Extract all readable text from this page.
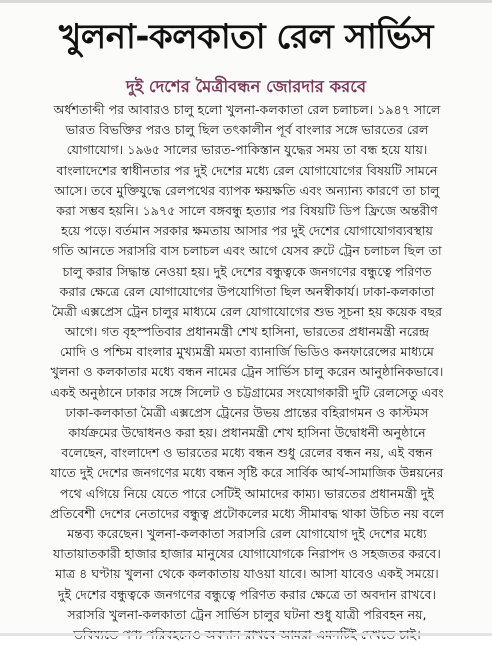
খুলনা-কলকাতা রেল সার্ভিস
দুই দেশের মৈত্রীবন্ধন জোরদার করবে
অর্ধশতাব্দী পর আবারও চালু হলো খুলনা-কলকাতা রেল চলাচল। ১৯৪৭ সালে
ভারত বিভক্তির পরও চালু ছিল তৎকালীন পূর্ব বাংলার সঙ্গে ভারতের রেল
যোগাযোগ। ১৯৬৫ সালের ভারত-পাকিস্তান যুদ্ধের সময় তা বন্ধ হয়ে যায়।
বাংলাদেশের স্বাধীনতার পর দুই দেশের মধ্যে রেল যোগাযোগের বিষয়টি সামনে
আসে। তবে মুক্তিযুদ্ধে রেলপথের ব্যাপক ক্ষয়ক্ষতি এবং অন্যান্য কারণে তা চালু
করা সম্ভব হয়নি। ১৯৭৫ সালে বঙ্গবন্ধু হত্যার পর বিষয়টি ডিপ ফ্রিজে অন্তরীণ
হয়ে পড়ে। বর্তমান সরকার ক্ষমতায় আসার পর দুই দেশের যোগাযোগব্যবস্থায়
গতি আনতে সরাসরি বাস চলাচল এবং আগে যেসব রুটে ট্রেন চলাচল ছিল তা
চালু করার সিদ্ধান্ত নেওয়া হয়। দুই দেশের বন্ধুত্বকে জনগণের বন্ধুত্বে পরিণত
করার ক্ষেত্রে রেল যোগাযোগের উপযোগিতা ছিল অনস্বীকার্য। ঢাকা-কলকাতা
মৈত্রী এক্সপ্রেস ট্রেন চালুর মাধ্যমে রেল যোগাযোগের শুভ সূচনা হয় কয়েক বছর
আগে। গত বৃহস্পতিবার প্রধানমন্ত্রী শেখ হাসিনা, ভারতের প্রধানমন্ত্রী নরেন্দ্র
মোদি ও পশ্চিম বাংলার মুখ্যমন্ত্রী মমতা ব্যানার্জি ভিডিও কনফারেন্সের মাধ্যমে
খুলনা ও কলকাতার মধ্যে বন্ধন নামের ট্রেন সার্ভিস চালু করেন আনুষ্ঠানিকভাবে।
একই অনুষ্ঠানে ঢাকার সঙ্গে সিলেট ও চট্টগ্রামের সংযোগকারী দুটি রেলসেতু এবং
ঢাকা-কলকাতা মৈত্রী এক্সপ্রেস ট্রেনের উভয় প্রান্তের বহিরাগমন ও কাস্টমস
কার্যক্রমের উদ্বোধনও করা হয়। প্রধানমন্ত্রী শেখ হাসিনা উদ্বোধনী অনুষ্ঠানে
বলেছেন, বাংলাদেশ ও ভারতের মধ্যে বন্ধন শুধু রেলের বন্ধন নয়, এই বন্ধন
যাতে দুই দেশের জনগণের মধ্যে বন্ধন সৃষ্টি করে সার্বিক আর্থ-সামাজিক উন্নয়নের
পথে এগিয়ে নিয়ে যেতে পারে সেটিই আমাদের কাম্য। ভারতের প্রধানমন্ত্রী দুই
প্রতিবেশী দেশের নেতাদের বন্ধুত্ব প্রটোকলের মধ্যে সীমাবদ্ধ থাকা উচিত নয় বলে
মন্তব্য করেছেন। খুলনা-কলকাতা সরাসরি রেল যোগাযোগ দুই দেশের মধ্যে
যাতায়াতকারী হাজার হাজার মানুষের যোগাযোগকে নিরাপদ ও সহজতর করবে।
মাত্র ৪ ঘণ্টায় খুলনা থেকে কলকাতায় যাওয়া যাবে। আসা যাবেও একই সময়ে।
দুই দেশের বন্ধুত্বকে জনগণের বন্ধুত্বে পরিণত করার ক্ষেত্রে তা অবদান রাখবে।
সরাসরি খুলনা-কলকাতা ট্রেন সার্ভিস চালুর ঘটনা শুধু যাত্রী পরিবহন নয়,
